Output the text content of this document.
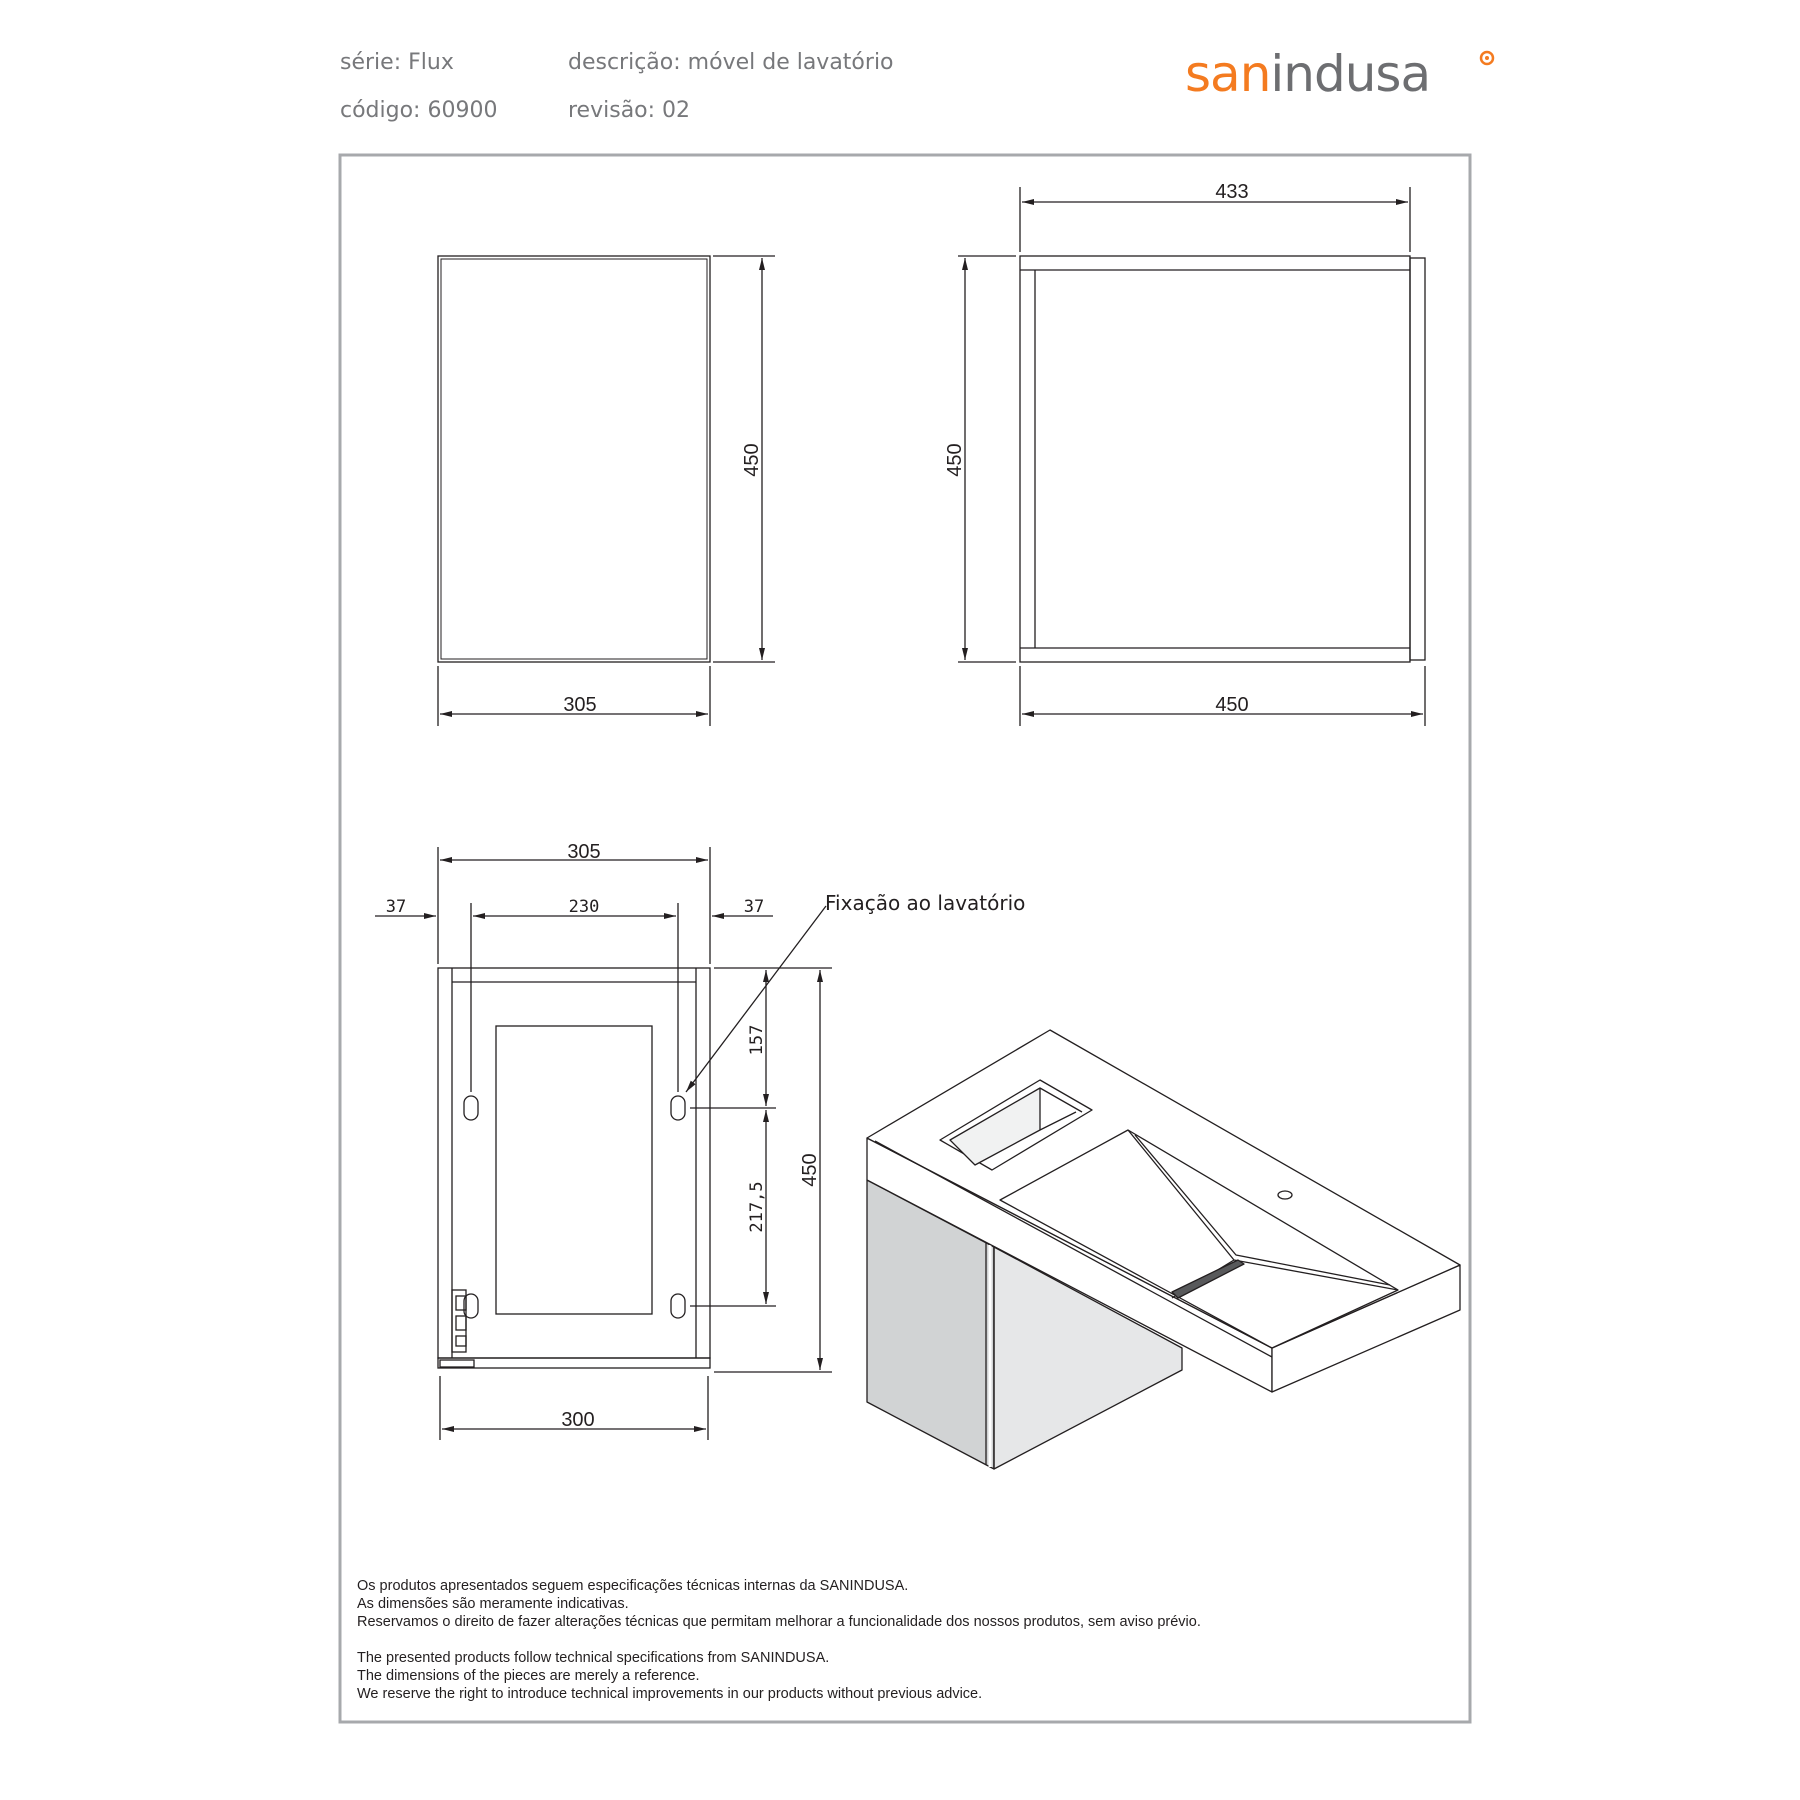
série: Flux
código: 60900
descrição: móvel de lavatório
revisão: 02
sanindusa
450
305
433
450
450
305
37	230	37
157
217,5
450
300
Fixação ao lavatório
Os produtos apresentados seguem especificações técnicas internas da SANINDUSA.
As dimensões são meramente indicativas.
Reservamos o direito de fazer alterações técnicas que permitam melhorar a funcionalidade dos nossos produtos, sem aviso prévio.
The presented products follow technical specifications from SANINDUSA.
The dimensions of the pieces are merely a reference.
We reserve the right to introduce technical improvements in our products without previous advice.
